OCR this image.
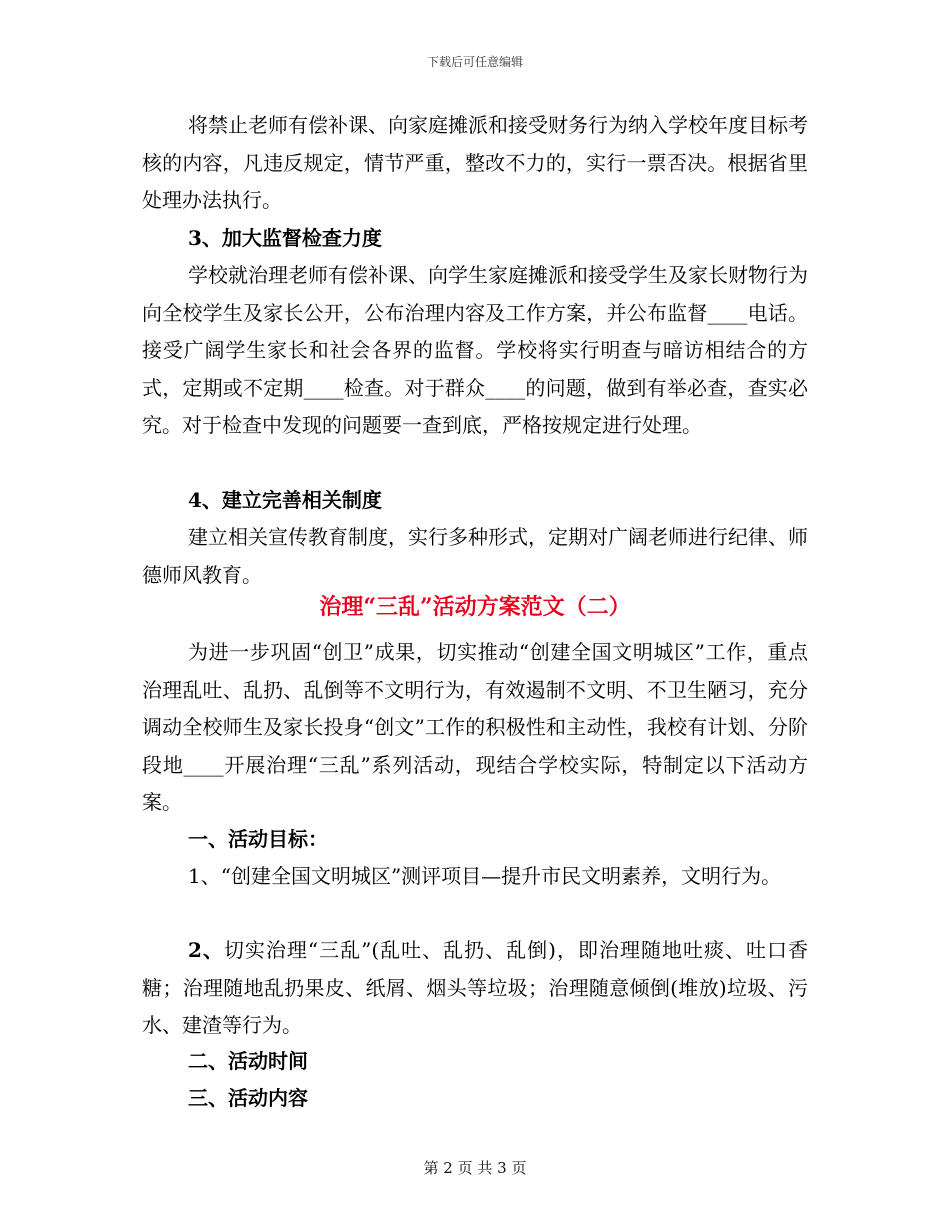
下载后可任意编辑

将禁止老师有偿补课、向家庭摊派和接受财务行为纳入学校年度目标考核的内容，凡违反规定，情节严重，整改不力的，实行一票否决。根据省里处理办法执行。

3、加大监督检查力度

学校就治理老师有偿补课、向学生家庭摊派和接受学生及家长财物行为向全校学生及家长公开，公布治理内容及工作方案，并公布监督____电话。接受广阔学生家长和社会各界的监督。学校将实行明查与暗访相结合的方式，定期或不定期____检查。对于群众____的问题，做到有举必查，查实必究。对于检查中发现的问题要一查到底，严格按规定进行处理。

4、建立完善相关制度

建立相关宣传教育制度，实行多种形式，定期对广阔老师进行纪律、师德师风教育。

治理“三乱”活动方案范文（二）

为进一步巩固“创卫”成果，切实推动“创建全国文明城区”工作，重点治理乱吐、乱扔、乱倒等不文明行为，有效遏制不文明、不卫生陋习，充分调动全校师生及家长投身“创文”工作的积极性和主动性，我校有计划、分阶段地____开展治理“三乱”系列活动，现结合学校实际，特制定以下活动方案。

一、活动目标：

1、“创建全国文明城区”测评项目—提升市民文明素养，文明行为。

2、切实治理“三乱”(乱吐、乱扔、乱倒)，即治理随地吐痰、吐口香糖；治理随地乱扔果皮、纸屑、烟头等垃圾；治理随意倾倒(堆放)垃圾、污水、建渣等行为。

二、活动时间

三、活动内容

第 2 页 共 3 页
